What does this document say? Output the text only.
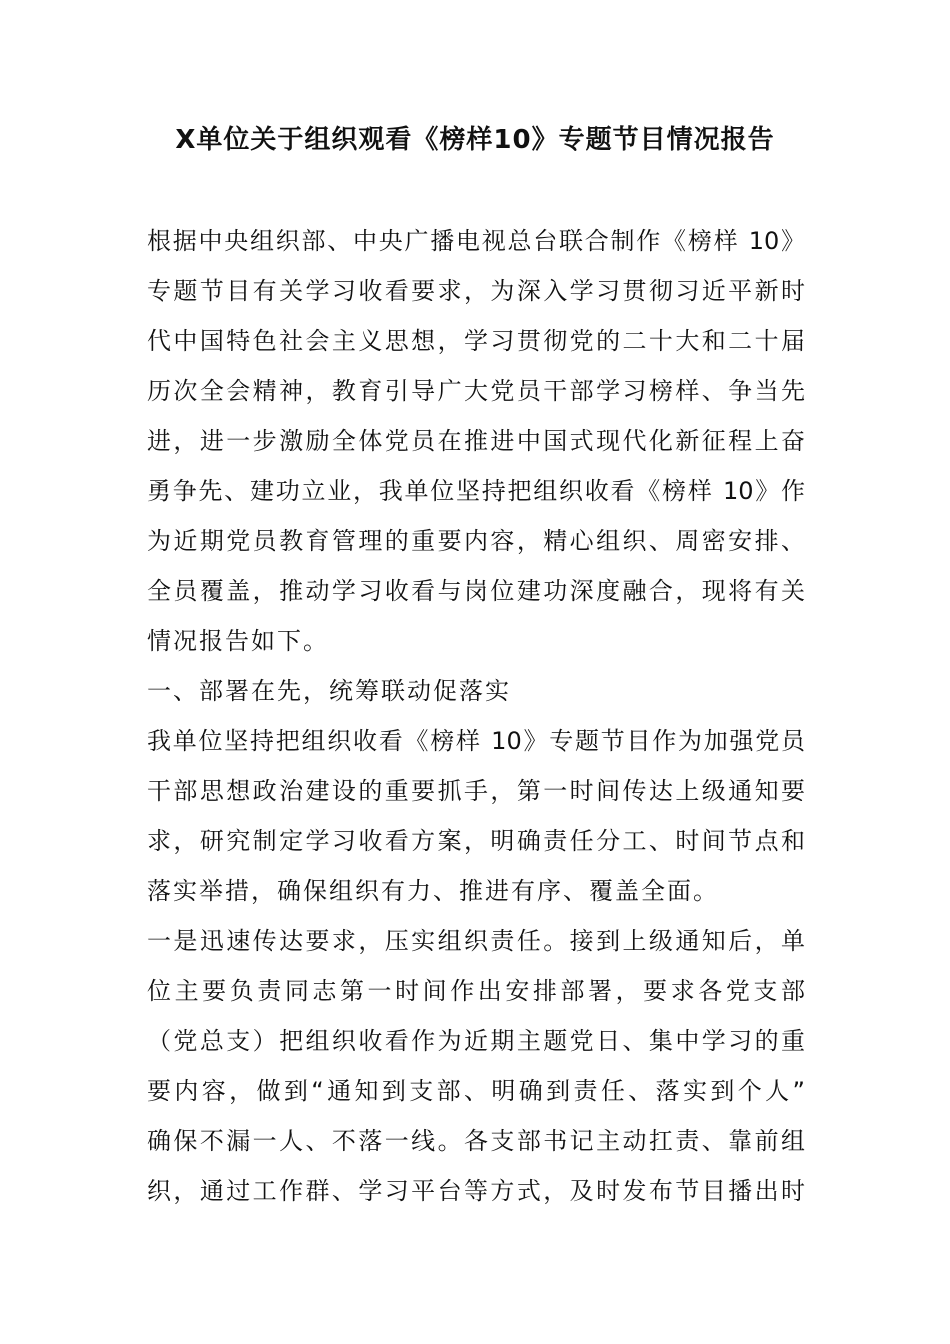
X单位关于组织观看《榜样10》专题节目情况报告
根据中央组织部、中央广播电视总台联合制作《榜样 10》
专题节目有关学习收看要求，为深入学习贯彻习近平新时
代中国特色社会主义思想，学习贯彻党的二十大和二十届
历次全会精神，教育引导广大党员干部学习榜样、争当先
进，进一步激励全体党员在推进中国式现代化新征程上奋
勇争先、建功立业，我单位坚持把组织收看《榜样 10》作
为近期党员教育管理的重要内容，精心组织、周密安排、
全员覆盖，推动学习收看与岗位建功深度融合，现将有关
情况报告如下。
一、部署在先，统筹联动促落实
我单位坚持把组织收看《榜样 10》专题节目作为加强党员
干部思想政治建设的重要抓手，第一时间传达上级通知要
求，研究制定学习收看方案，明确责任分工、时间节点和
落实举措，确保组织有力、推进有序、覆盖全面。
一是迅速传达要求，压实组织责任。接到上级通知后，单
位主要负责同志第一时间作出安排部署，要求各党支部
（党总支）把组织收看作为近期主题党日、集中学习的重
要内容，做到“通知到支部、明确到责任、落实到个人”
确保不漏一人、不落一线。各支部书记主动扛责、靠前组
织，通过工作群、学习平台等方式，及时发布节目播出时
